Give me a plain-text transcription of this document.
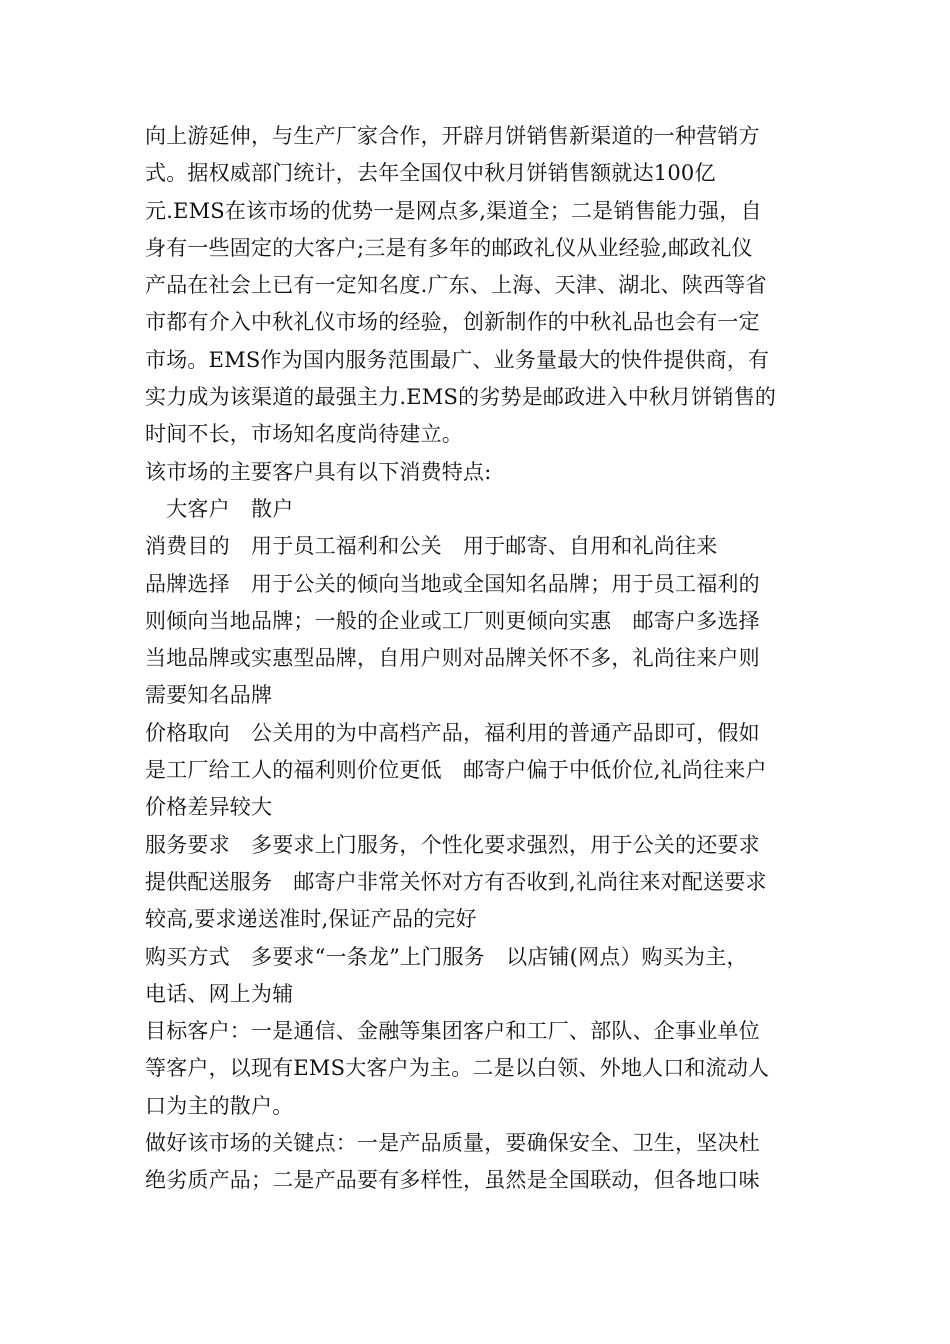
向上游延伸，与生产厂家合作，开辟月饼销售新渠道的一种营销方
式。据权威部门统计，去年全国仅中秋月饼销售额就达100亿
元.EMS在该市场的优势一是网点多,渠道全；二是销售能力强，自
身有一些固定的大客户;三是有多年的邮政礼仪从业经验,邮政礼仪
产品在社会上已有一定知名度.广东、上海、天津、湖北、陕西等省
市都有介入中秋礼仪市场的经验，创新制作的中秋礼品也会有一定
市场。EMS作为国内服务范围最广、业务量最大的快件提供商，有
实力成为该渠道的最强主力.EMS的劣势是邮政进入中秋月饼销售的
时间不长，市场知名度尚待建立。
该市场的主要客户具有以下消费特点:
　大客户　散户
消费目的　用于员工福利和公关　用于邮寄、自用和礼尚往来
品牌选择　用于公关的倾向当地或全国知名品牌；用于员工福利的
则倾向当地品牌；一般的企业或工厂则更倾向实惠　邮寄户多选择
当地品牌或实惠型品牌，自用户则对品牌关怀不多，礼尚往来户则
需要知名品牌
价格取向　公关用的为中高档产品，福利用的普通产品即可，假如
是工厂给工人的福利则价位更低　邮寄户偏于中低价位,礼尚往来户
价格差异较大
服务要求　多要求上门服务，个性化要求强烈，用于公关的还要求
提供配送服务　邮寄户非常关怀对方有否收到,礼尚往来对配送要求
较高,要求递送准时,保证产品的完好
购买方式　多要求“一条龙”上门服务　以店铺(网点）购买为主，
电话、网上为辅
目标客户：一是通信、金融等集团客户和工厂、部队、企事业单位
等客户，以现有EMS大客户为主。二是以白领、外地人口和流动人
口为主的散户。
做好该市场的关键点：一是产品质量，要确保安全、卫生，坚决杜
绝劣质产品；二是产品要有多样性，虽然是全国联动，但各地口味
